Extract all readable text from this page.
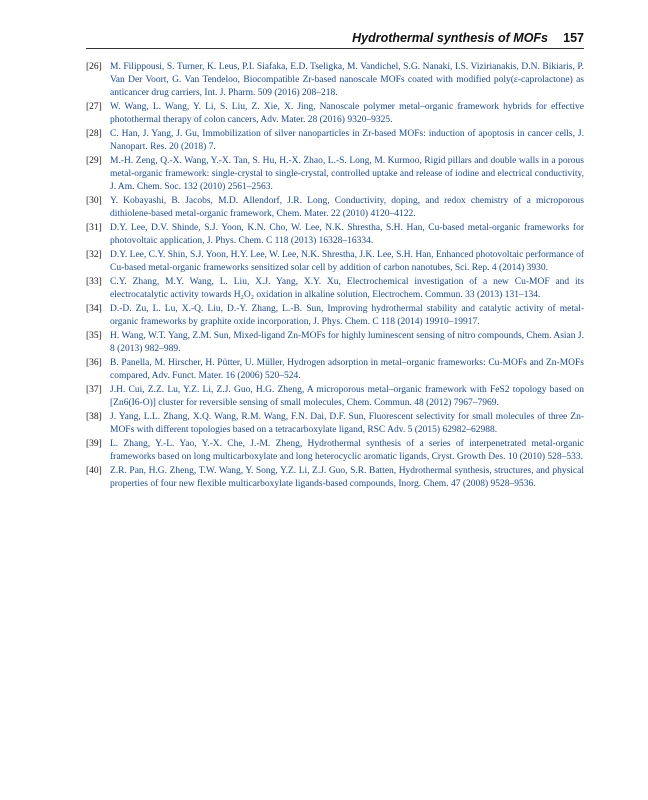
Hydrothermal synthesis of MOFs 157
[26] M. Filippousi, S. Turner, K. Leus, P.I. Siafaka, E.D. Tseligka, M. Vandichel, S.G. Nanaki, I.S. Vizirianakis, D.N. Bikiaris, P. Van Der Voort, G. Van Tendeloo, Biocompatible Zr-based nanoscale MOFs coated with modified poly(ε-caprolactone) as anticancer drug carriers, Int. J. Pharm. 509 (2016) 208–218.
[27] W. Wang, L. Wang, Y. Li, S. Liu, Z. Xie, X. Jing, Nanoscale polymer metal–organic framework hybrids for effective photothermal therapy of colon cancers, Adv. Mater. 28 (2016) 9320–9325.
[28] C. Han, J. Yang, J. Gu, Immobilization of silver nanoparticles in Zr-based MOFs: induction of apoptosis in cancer cells, J. Nanopart. Res. 20 (2018) 7.
[29] M.-H. Zeng, Q.-X. Wang, Y.-X. Tan, S. Hu, H.-X. Zhao, L.-S. Long, M. Kurmoo, Rigid pillars and double walls in a porous metal-organic framework: single-crystal to single-crystal, controlled uptake and release of iodine and electrical conductivity, J. Am. Chem. Soc. 132 (2010) 2561–2563.
[30] Y. Kobayashi, B. Jacobs, M.D. Allendorf, J.R. Long, Conductivity, doping, and redox chemistry of a microporous dithiolene-based metal-organic framework, Chem. Mater. 22 (2010) 4120–4122.
[31] D.Y. Lee, D.V. Shinde, S.J. Yoon, K.N. Cho, W. Lee, N.K. Shrestha, S.H. Han, Cu-based metal-organic frameworks for photovoltaic application, J. Phys. Chem. C 118 (2013) 16328–16334.
[32] D.Y. Lee, C.Y. Shin, S.J. Yoon, H.Y. Lee, W. Lee, N.K. Shrestha, J.K. Lee, S.H. Han, Enhanced photovoltaic performance of Cu-based metal-organic frameworks sensitized solar cell by addition of carbon nanotubes, Sci. Rep. 4 (2014) 3930.
[33] C.Y. Zhang, M.Y. Wang, L. Liu, X.J. Yang, X.Y. Xu, Electrochemical investigation of a new Cu-MOF and its electrocatalytic activity towards H₂O₂ oxidation in alkaline solution, Electrochem. Commun. 33 (2013) 131–134.
[34] D.-D. Zu, L. Lu, X.-Q. Liu, D.-Y. Zhang, L.-B. Sun, Improving hydrothermal stability and catalytic activity of metal-organic frameworks by graphite oxide incorporation, J. Phys. Chem. C 118 (2014) 19910–19917.
[35] H. Wang, W.T. Yang, Z.M. Sun, Mixed-ligand Zn-MOFs for highly luminescent sensing of nitro compounds, Chem. Asian J. 8 (2013) 982–989.
[36] B. Panella, M. Hirscher, H. Pütter, U. Müller, Hydrogen adsorption in metal–organic frameworks: Cu-MOFs and Zn-MOFs compared, Adv. Funct. Mater. 16 (2006) 520–524.
[37] J.H. Cui, Z.Z. Lu, Y.Z. Li, Z.J. Guo, H.G. Zheng, A microporous metal–organic framework with FeS2 topology based on [Zn6(I6-O)] cluster for reversible sensing of small molecules, Chem. Commun. 48 (2012) 7967–7969.
[38] J. Yang, L.L. Zhang, X.Q. Wang, R.M. Wang, F.N. Dai, D.F. Sun, Fluorescent selectivity for small molecules of three Zn-MOFs with different topologies based on a tetracarboxylate ligand, RSC Adv. 5 (2015) 62982–62988.
[39] L. Zhang, Y.-L. Yao, Y.-X. Che, J.-M. Zheng, Hydrothermal synthesis of a series of interpenetrated metal-organic frameworks based on long multicarboxylate and long heterocyclic aromatic ligands, Cryst. Growth Des. 10 (2010) 528–533.
[40] Z.R. Pan, H.G. Zheng, T.W. Wang, Y. Song, Y.Z. Li, Z.J. Guo, S.R. Batten, Hydrothermal synthesis, structures, and physical properties of four new flexible multicarboxylate ligands-based compounds, Inorg. Chem. 47 (2008) 9528–9536.
